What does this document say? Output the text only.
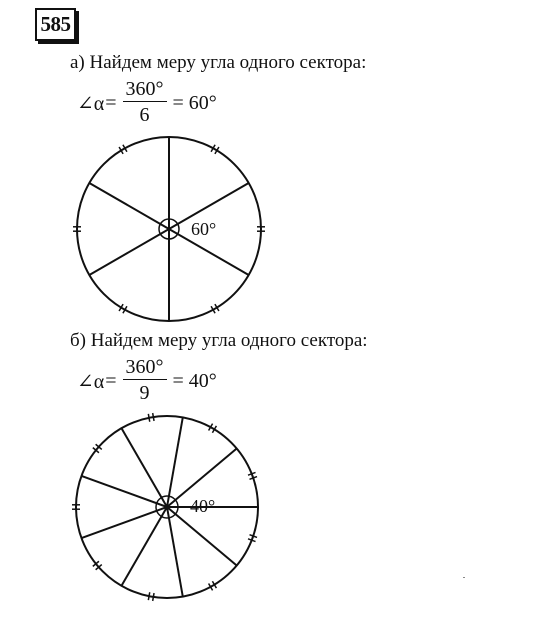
585
а) Найдем меру угла одного сектора:
∠α = $\frac{360^\circ}{6} = 60^\circ$
60°
б) Найдем меру угла одного сектора:
∠α = $\frac{360^\circ}{9} = 40^\circ$
40°
